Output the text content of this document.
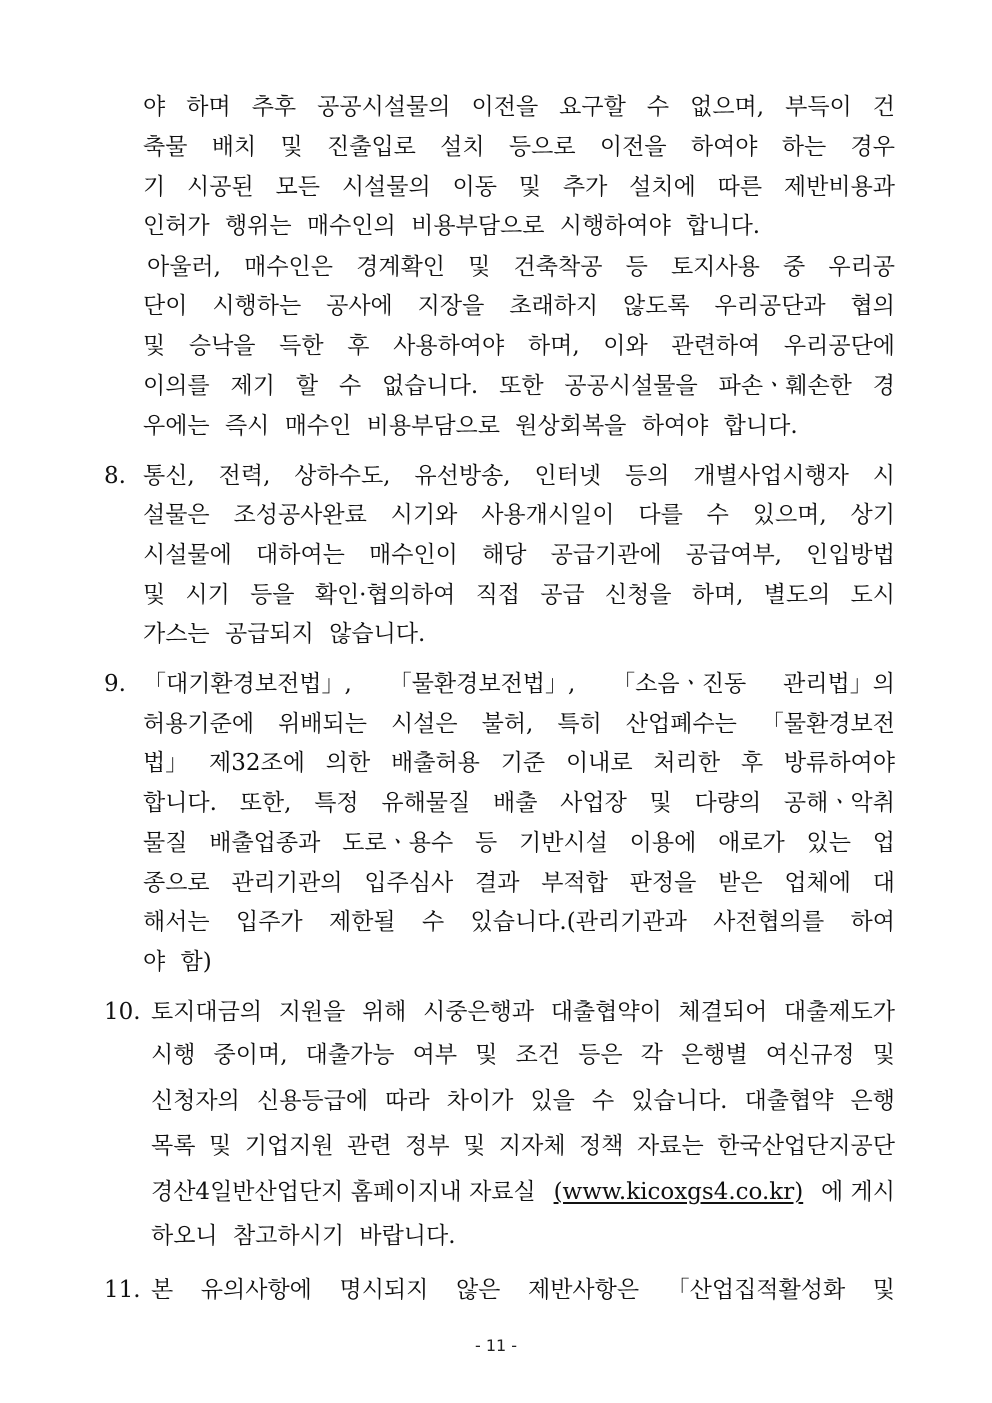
야 하며 추후 공공시설물의 이전을 요구할 수 없으며, 부득이 건
축물 배치 및 진출입로 설치 등으로 이전을 하여야 하는 경우
기 시공된 모든 시설물의 이동 및 추가 설치에 따른 제반비용과
인허가 행위는 매수인의 비용부담으로 시행하여야 합니다.
아울러, 매수인은 경계확인 및 건축착공 등 토지사용 중 우리공
단이 시행하는 공사에 지장을 초래하지 않도록 우리공단과 협의
및 승낙을 득한 후 사용하여야 하며, 이와 관련하여 우리공단에
이의를 제기 할 수 없습니다. 또한 공공시설물을 파손ㆍ훼손한 경
우에는 즉시 매수인 비용부담으로 원상회복을 하여야 합니다.
8. 통신, 전력, 상하수도, 유선방송, 인터넷 등의 개별사업시행자 시
설물은 조성공사완료 시기와 사용개시일이 다를 수 있으며, 상기
시설물에 대하여는 매수인이 해당 공급기관에 공급여부, 인입방법
및 시기 등을 확인·협의하여 직접 공급 신청을 하며, 별도의 도시
가스는 공급되지 않습니다.
9. 「대기환경보전법」, 「물환경보전법」, 「소음ㆍ진동 관리법」의
허용기준에 위배되는 시설은 불허, 특히 산업폐수는 「물환경보전
법」 제32조에 의한 배출허용 기준 이내로 처리한 후 방류하여야
합니다. 또한, 특정 유해물질 배출 사업장 및 다량의 공해ㆍ악취
물질 배출업종과 도로ㆍ용수 등 기반시설 이용에 애로가 있는 업
종으로 관리기관의 입주심사 결과 부적합 판정을 받은 업체에 대
해서는 입주가 제한될 수 있습니다.(관리기관과 사전협의를 하여
야 함)
10. 토지대금의 지원을 위해 시중은행과 대출협약이 체결되어 대출제도가
시행 중이며, 대출가능 여부 및 조건 등은 각 은행별 여신규정 및
신청자의 신용등급에 따라 차이가 있을 수 있습니다. 대출협약 은행
목록 및 기업지원 관련 정부 및 지자체 정책 자료는 한국산업단지공단
경산4일반산업단지 홈페이지내 자료실 (www.kicoxgs4.co.kr) 에 게시
하오니 참고하시기 바랍니다.
11. 본 유의사항에 명시되지 않은 제반사항은 「산업집적활성화 및
- 11 -
